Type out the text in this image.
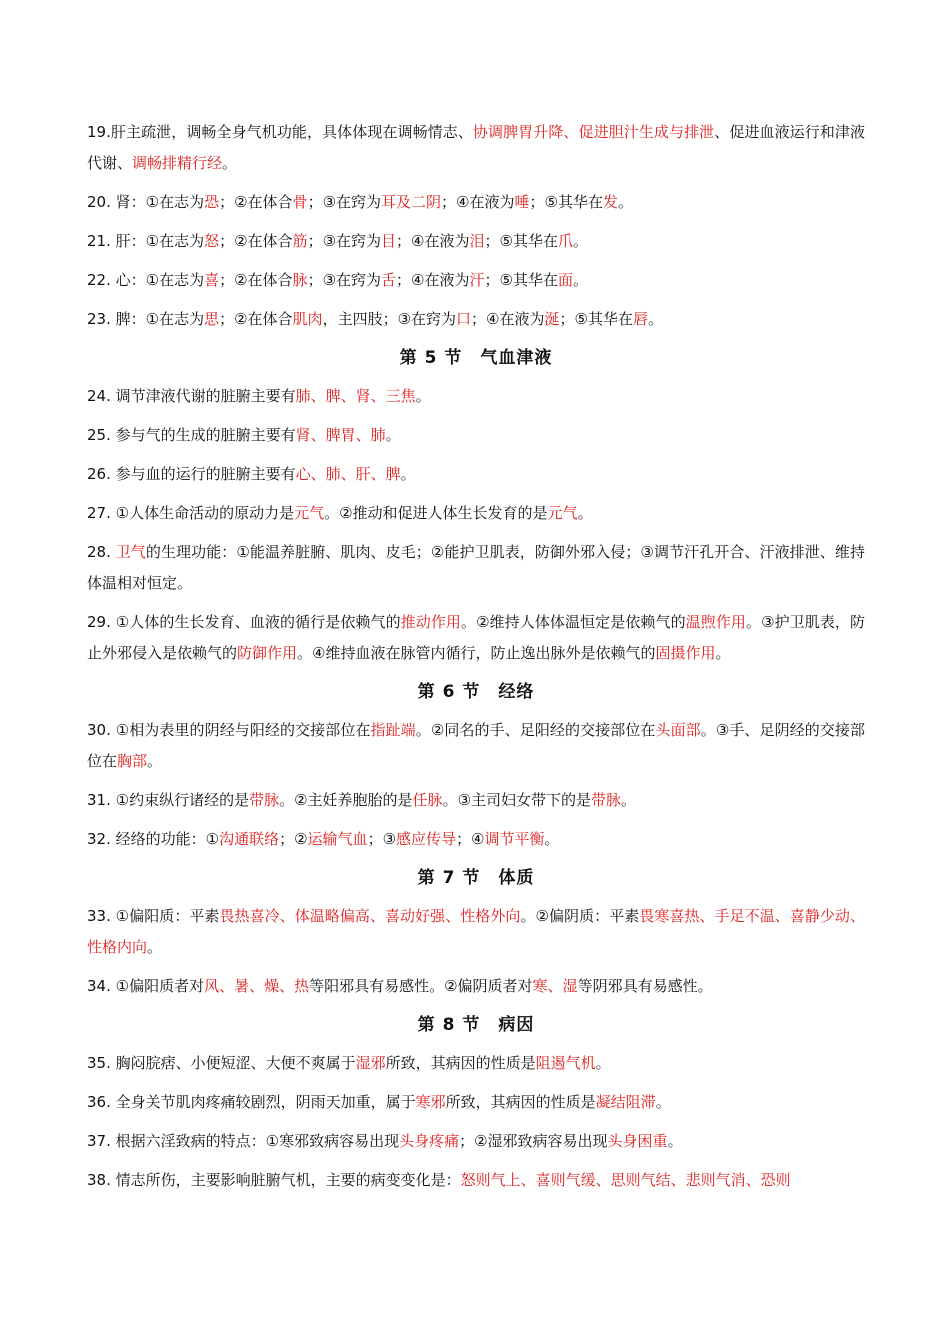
19.肝主疏泄，调畅全身气机功能，具体体现在调畅情志、协调脾胃升降、促进胆汁生成与排泄、促进血液运行和津液代谢、调畅排精行经。
20. 肾：①在志为恐；②在体合骨；③在窍为耳及二阴；④在液为唾；⑤其华在发。
21. 肝：①在志为怒；②在体合筋；③在窍为目；④在液为泪；⑤其华在爪。
22. 心：①在志为喜；②在体合脉；③在窍为舌；④在液为汗；⑤其华在面。
23. 脾：①在志为思；②在体合肌肉，主四肢；③在窍为口；④在液为涎；⑤其华在唇。
第 5 节　气血津液
24. 调节津液代谢的脏腑主要有肺、脾、肾、三焦。
25. 参与气的生成的脏腑主要有肾、脾胃、肺。
26. 参与血的运行的脏腑主要有心、肺、肝、脾。
27. ①人体生命活动的原动力是元气。②推动和促进人体生长发育的是元气。
28. 卫气的生理功能：①能温养脏腑、肌肉、皮毛；②能护卫肌表，防御外邪入侵；③调节汗孔开合、汗液排泄、维持体温相对恒定。
29. ①人体的生长发育、血液的循行是依赖气的推动作用。②维持人体体温恒定是依赖气的温煦作用。③护卫肌表，防止外邪侵入是依赖气的防御作用。④维持血液在脉管内循行，防止逸出脉外是依赖气的固摄作用。
第 6 节　经络
30. ①相为表里的阴经与阳经的交接部位在指趾端。②同名的手、足阳经的交接部位在头面部。③手、足阴经的交接部位在胸部。
31. ①约束纵行诸经的是带脉。②主妊养胞胎的是任脉。③主司妇女带下的是带脉。
32. 经络的功能：①沟通联络；②运输气血；③感应传导；④调节平衡。
第 7 节　体质
33. ①偏阳质：平素畏热喜冷、体温略偏高、喜动好强、性格外向。②偏阴质：平素畏寒喜热、手足不温、喜静少动、性格内向。
34. ①偏阳质者对风、暑、燥、热等阳邪具有易感性。②偏阴质者对寒、湿等阴邪具有易感性。
第 8 节　病因
35. 胸闷脘痞、小便短涩、大便不爽属于湿邪所致，其病因的性质是阻遏气机。
36. 全身关节肌肉疼痛较剧烈，阴雨天加重，属于寒邪所致，其病因的性质是凝结阻滞。
37. 根据六淫致病的特点：①寒邪致病容易出现头身疼痛；②湿邪致病容易出现头身困重。
38. 情志所伤，主要影响脏腑气机，主要的病变变化是：怒则气上、喜则气缓、思则气结、悲则气消、恐则
